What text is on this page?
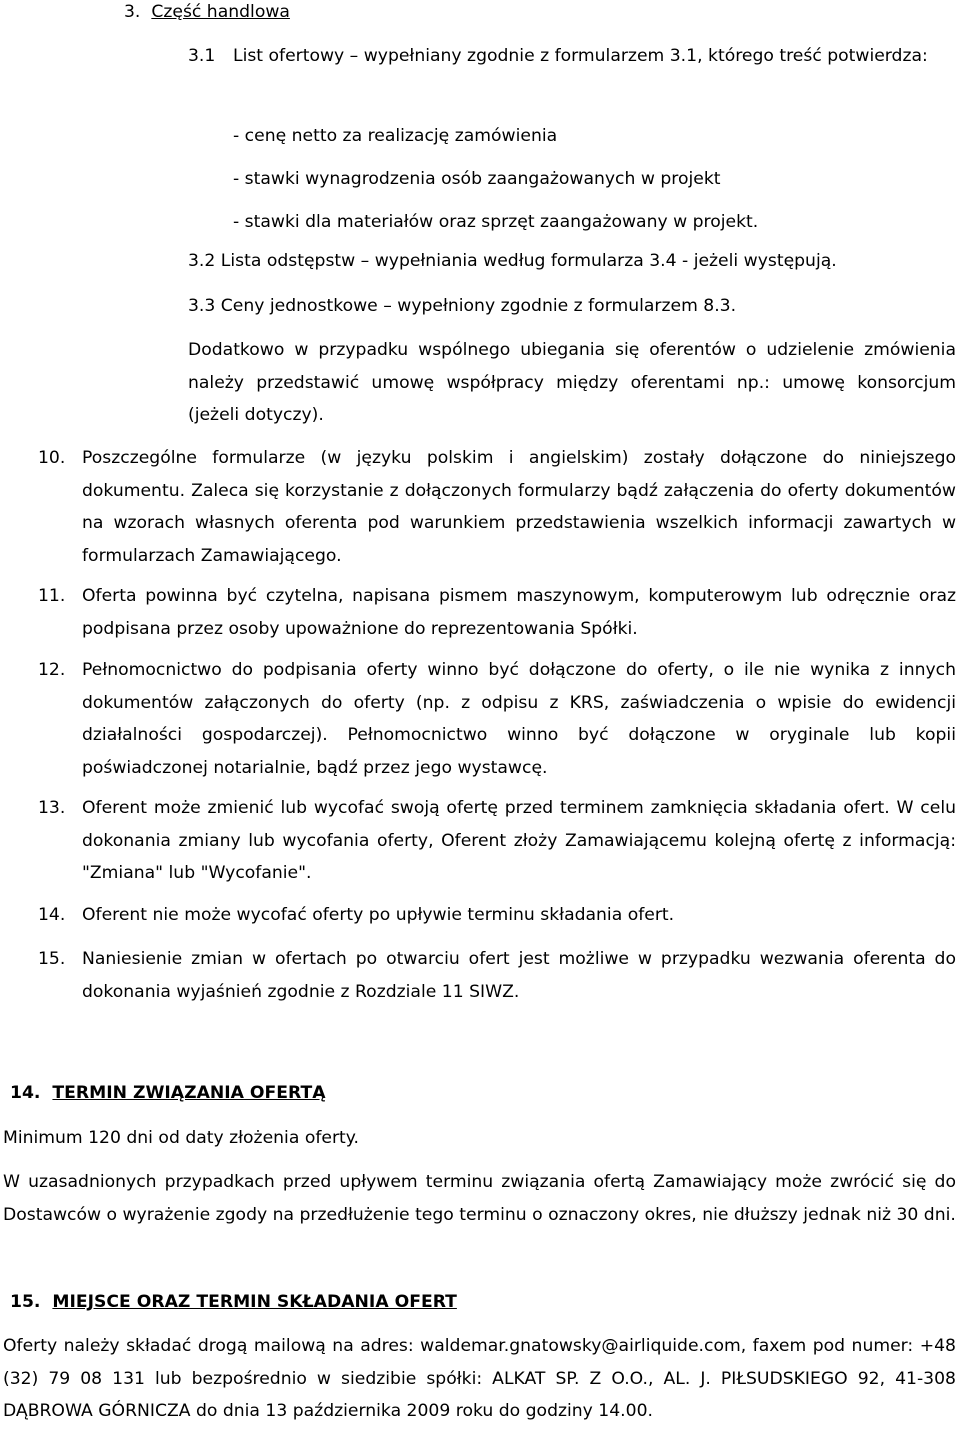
3. Część handlowa
3.1 List ofertowy – wypełniany zgodnie z formularzem 3.1, którego treść potwierdza:
- cenę netto za realizację zamówienia
- stawki wynagrodzenia osób zaangażowanych w projekt
- stawki dla materiałów oraz sprzęt zaangażowany w projekt.
3.2 Lista odstępstw – wypełniania według formularza 3.4 - jeżeli występują.
3.3 Ceny jednostkowe – wypełniony zgodnie z formularzem 8.3.
Dodatkowo w przypadku wspólnego ubiegania się oferentów o udzielenie zmówienia należy przedstawić umowę współpracy między oferentami np.: umowę konsorcjum (jeżeli dotyczy).
10. Poszczególne formularze (w języku polskim i angielskim) zostały dołączone do niniejszego dokumentu. Zaleca się korzystanie z dołączonych formularzy bądź załączenia do oferty dokumentów na wzorach własnych oferenta pod warunkiem przedstawienia wszelkich informacji zawartych w formularzach Zamawiającego.
11. Oferta powinna być czytelna, napisana pismem maszynowym, komputerowym lub odręcznie oraz podpisana przez osoby upoważnione do reprezentowania Spółki.
12. Pełnomocnictwo do podpisania oferty winno być dołączone do oferty, o ile nie wynika z innych dokumentów załączonych do oferty (np. z odpisu z KRS, zaświadczenia o wpisie do ewidencji działalności gospodarczej). Pełnomocnictwo winno być dołączone w oryginale lub kopii poświadczonej notarialnie, bądź przez jego wystawcę.
13. Oferent może zmienić lub wycofać swoją ofertę przed terminem zamknięcia składania ofert. W celu dokonania zmiany lub wycofania oferty, Oferent złoży Zamawiającemu kolejną ofertę z informacją: "Zmiana" lub "Wycofanie".
14. Oferent nie może wycofać oferty po upływie terminu składania ofert.
15. Naniesienie zmian w ofertach po otwarciu ofert jest możliwe w przypadku wezwania oferenta do dokonania wyjaśnień zgodnie z Rozdziale 11 SIWZ.
14. TERMIN ZWIĄZANIA OFERTĄ
Minimum 120 dni od daty złożenia oferty.
W uzasadnionych przypadkach przed upływem terminu związania ofertą Zamawiający może zwrócić się do Dostawców o wyrażenie zgody na przedłużenie tego terminu o oznaczony okres, nie dłuższy jednak niż 30 dni.
15. MIEJSCE ORAZ TERMIN SKŁADANIA OFERT
Oferty należy składać drogą mailową na adres: waldemar.gnatowsky@airliquide.com, faxem pod numer: +48 (32) 79 08 131 lub bezpośrednio w siedzibie spółki: ALKAT SP. Z O.O., AL. J. PIŁSUDSKIEGO 92, 41-308 DĄBROWA GÓRNICZA do dnia 13 października 2009 roku do godziny 14.00.
